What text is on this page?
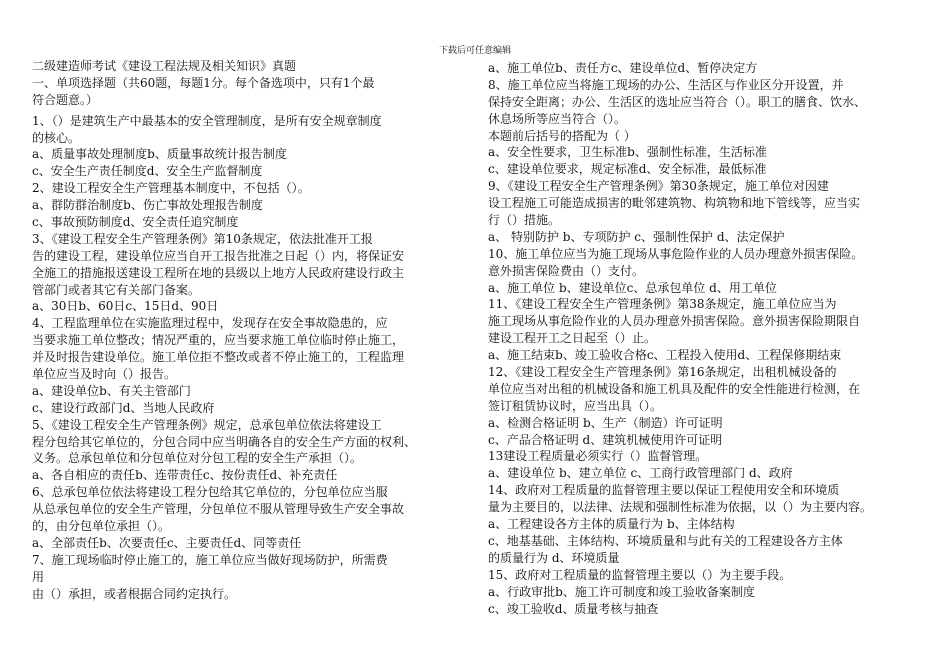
下载后可任意编辑
二级建造师考试《建设工程法规及相关知识》真题
一、单项选择题（共60题，每题1分。每个备选项中，只有1个最
符合题意。）
1、（）是建筑生产中最基本的安全管理制度，是所有安全规章制度
的核心。
a、质量事故处理制度b、质量事故统计报告制度
c、安全生产责任制度d、安全生产监督制度
2、建设工程安全生产管理基本制度中，不包括（）。
a、群防群治制度b、伤亡事故处理报告制度
c、事故预防制度d、安全责任追究制度
3、《建设工程安全生产管理条例》第10条规定，依法批准开工报
告的建设工程，建设单位应当自开工报告批准之日起（）内，将保证安
全施工的措施报送建设工程所在地的县级以上地方人民政府建设行政主
管部门或者其它有关部门备案。
a、30日b、60日c、15日d、90日
4、工程监理单位在实施监理过程中，发现存在安全事故隐患的，应
当要求施工单位整改；情况严重的，应当要求施工单位临时停止施工，
并及时报告建设单位。施工单位拒不整改或者不停止施工的，工程监理
单位应当及时向（）报告。
a、建设单位b、有关主管部门
c、建设行政部门d、当地人民政府
5、《建设工程安全生产管理条例》规定，总承包单位依法将建设工
程分包给其它单位的，分包合同中应当明确各自的安全生产方面的权利、
义务。总承包单位和分包单位对分包工程的安全生产承担（）。
a、各自相应的责任b、连带责任c、按份责任d、补充责任
6、总承包单位依法将建设工程分包给其它单位的，分包单位应当服
从总承包单位的安全生产管理，分包单位不服从管理导致生产安全事故
的，由分包单位承担（）。
a、全部责任b、次要责任c、主要责任d、同等责任
7、施工现场临时停止施工的，施工单位应当做好现场防护，所需费
用
由（）承担，或者根据合同约定执行。
a、施工单位b、责任方c、建设单位d、暂停决定方
8、施工单位应当将施工现场的办公、生活区与作业区分开设置，并
保持安全距离；办公、生活区的选址应当符合（）。职工的膳食、饮水、
休息场所等应当符合（）。
本题前后括号的搭配为（ ）
a、安全性要求，卫生标准b、强制性标准，生活标准
c、建设单位要求，规定标准d、安全标准，最低标准
9、《建设工程安全生产管理条例》第30条规定，施工单位对因建
设工程施工可能造成损害的毗邻建筑物、构筑物和地下管线等，应当实
行（）措施。
a、 特别防护 b、专项防护 c、强制性保护 d、法定保护
10、施工单位应当为施工现场从事危险作业的人员办理意外损害保险。
意外损害保险费由（）支付。
a、施工单位 b、建设单位c、总承包单位 d、用工单位
11、《建设工程安全生产管理条例》第38条规定，施工单位应当为
施工现场从事危险作业的人员办理意外损害保险。意外损害保险期限自
建设工程开工之日起至（）止。
a、施工结束b、竣工验收合格c、工程投入使用d、工程保修期结束
12、《建设工程安全生产管理条例》第16条规定，出租机械设备的
单位应当对出租的机械设备和施工机具及配件的安全性能进行检测，在
签订租赁协议时，应当出具（）。
a、检测合格证明 b、生产（制造）许可证明
c、产品合格证明 d、建筑机械使用许可证明
13建设工程质量必须实行（）监督管理。
a、建设单位 b、建立单位 c、工商行政管理部门 d、政府
14、政府对工程质量的监督管理主要以保证工程使用安全和环境质
量为主要目的，以法律、法规和强制性标准为依据，以（）为主要内容。
a、工程建设各方主体的质量行为 b、主体结构
c、地基基础、主体结构、环境质量和与此有关的工程建设各方主体
的质量行为 d、环境质量
15、政府对工程质量的监督管理主要以（）为主要手段。
a、行政审批b、施工许可制度和竣工验收备案制度
c、竣工验收d、质量考核与抽查
